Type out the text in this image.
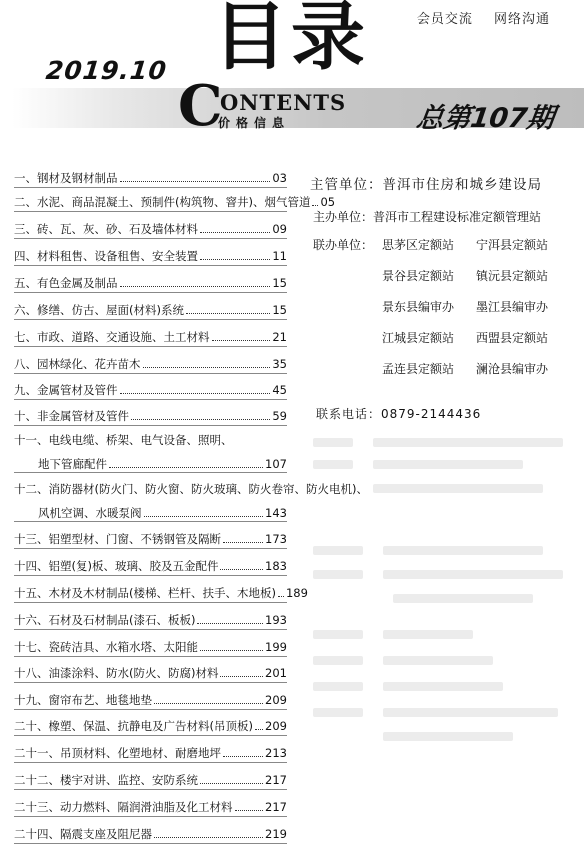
会员交流 网络沟通
2019.10 目录
C
ONTENTS
价格信息	总第107期
一、钢材及钢材制品	03
二、水泥、商品混凝土、预制件(构筑物、窨井)、烟气管道 05
三、砖、瓦、灰、砂、石及墙体材料	09
四、材料租售、设备租售、安全装置	11
五、有色金属及制品	15
六、修缮、仿古、屋面(材料)系统	15
七、市政、道路、交通设施、土工材料	21
八、园林绿化、花卉苗木	35
九、金属管材及管件	45
十、非金属管材及管件	59
十一、电线电缆、桥架、电气设备、照明、
地下管廊配件	107
十二、消防器材(防火门、防火窗、防火玻璃、防火卷帘、防火电机)、
风机空调、水暖泵阀	143
十三、铝塑型材、门窗、不锈钢管及隔断	173
十四、铝塑(复)板、玻璃、胶及五金配件	183
十五、木材及木材制品(楼梯、栏杆、扶手、木地板) 189
十六、石材及石材制品(漆石、板板)	193
十七、瓷砖洁具、水箱水塔、太阳能	199
十八、油漆涂料、防水(防火、防腐)材料	201
十九、窗帘布艺、地毯地垫	209
二十、橡塑、保温、抗静电及广告材料(吊顶板) 209
二十一、吊顶材料、化塑地材、耐磨地坪	213
二十二、楼宇对讲、监控、安防系统	217
二十三、动力燃料、隔润滑油脂及化工材料	217
二十四、隔震支座及阻尼器	219
主管单位：普洱市住房和城乡建设局
主办单位：普洱市工程建设标准定额管理站
联办单位： 思茅区定额站 宁洱县定额站
景谷县定额站 镇沅县定额站
景东县编审办 墨江县编审办
江城县定额站 西盟县定额站
孟连县定额站 澜沧县编审办
联系电话：0879-2144436
